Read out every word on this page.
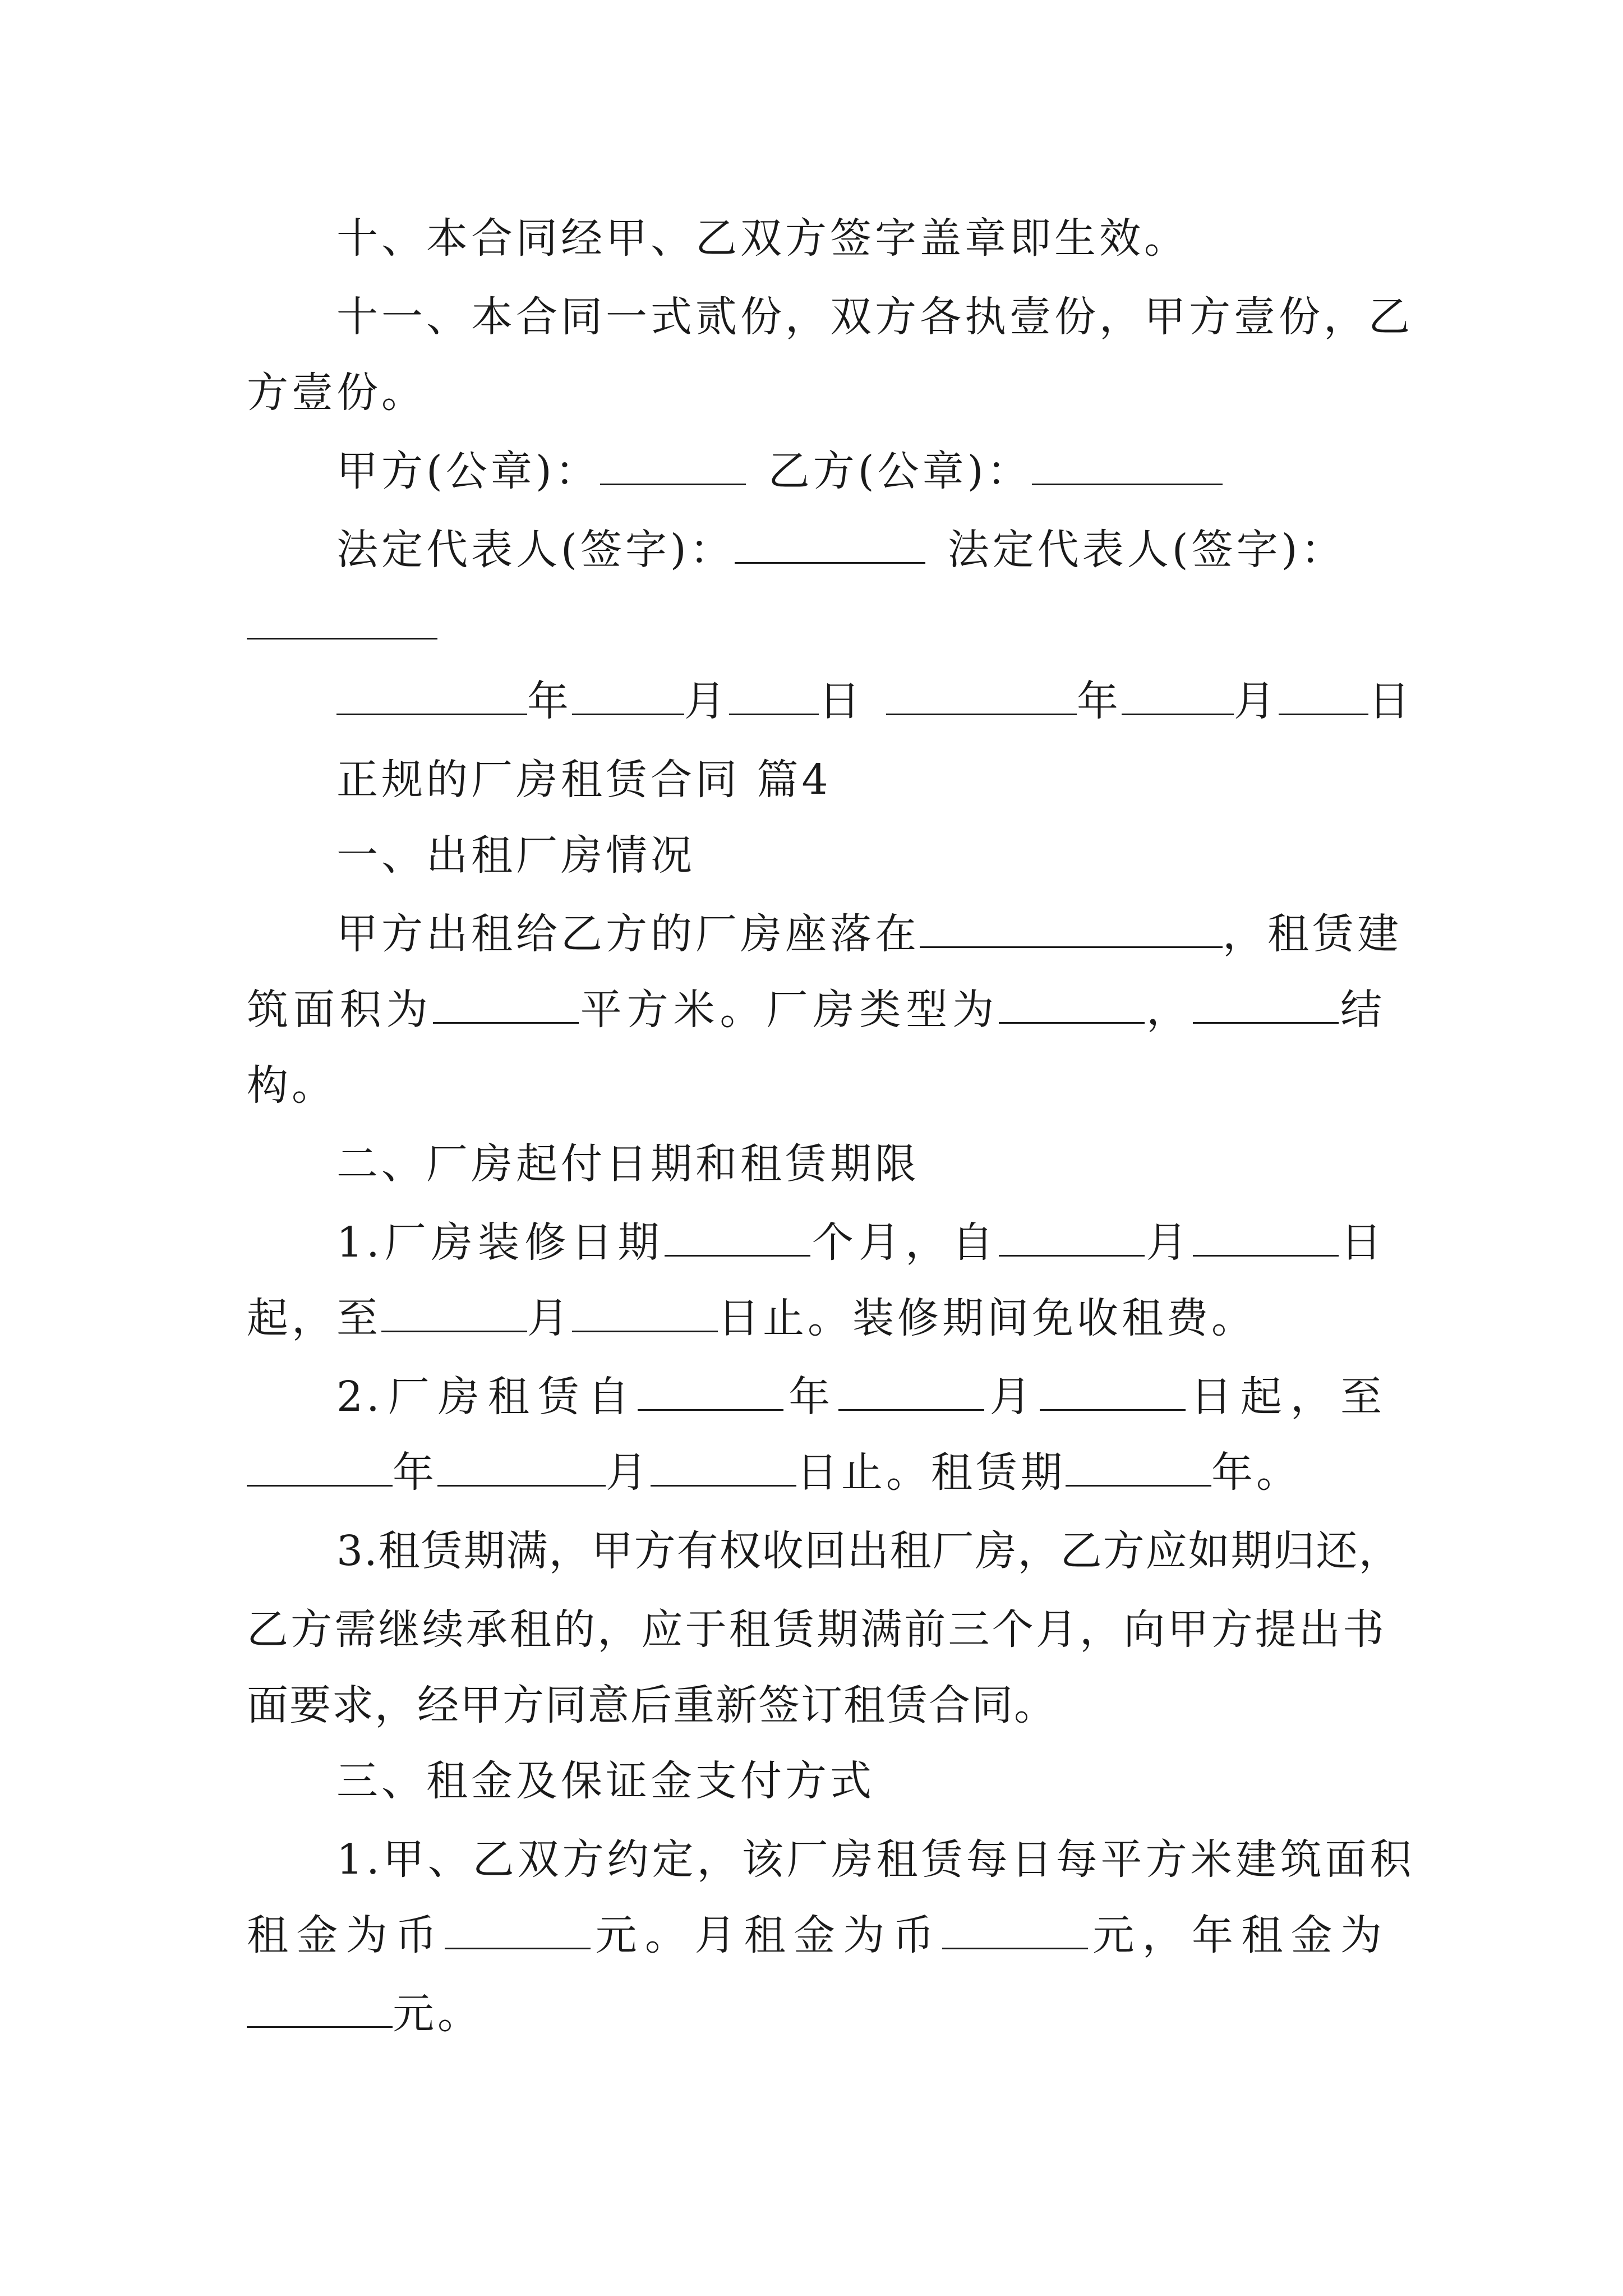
十、本合同经甲、乙双方签字盖章即生效。
十一、本合同一式贰份，双方各执壹份，甲方壹份，乙
方壹份。
甲方(公章)：	乙方(公章)：
法定代表人(签字)：	法定代表人(签字)：
年	月 日	年	月 日
正规的厂房租赁合同 篇4
一、出租厂房情况
甲方出租给乙方的厂房座落在	，租赁建
筑面积为	平方米。厂房类型为	，	结
构。
二、厂房起付日期和租赁期限
1.厂房装修日期	个月，自	月	日
起，至	月	日止。装修期间免收租费。
2.厂房租赁自	年	月	日起，至
年	月	日止。租赁期	年。
3.租赁期满，甲方有权收回出租厂房，乙方应如期归还，
乙方需继续承租的，应于租赁期满前三个月，向甲方提出书
面要求，经甲方同意后重新签订租赁合同。
三、租金及保证金支付方式
1.甲、乙双方约定，该厂房租赁每日每平方米建筑面积
租金为币	元。月租金为币	元，年租金为
元。
